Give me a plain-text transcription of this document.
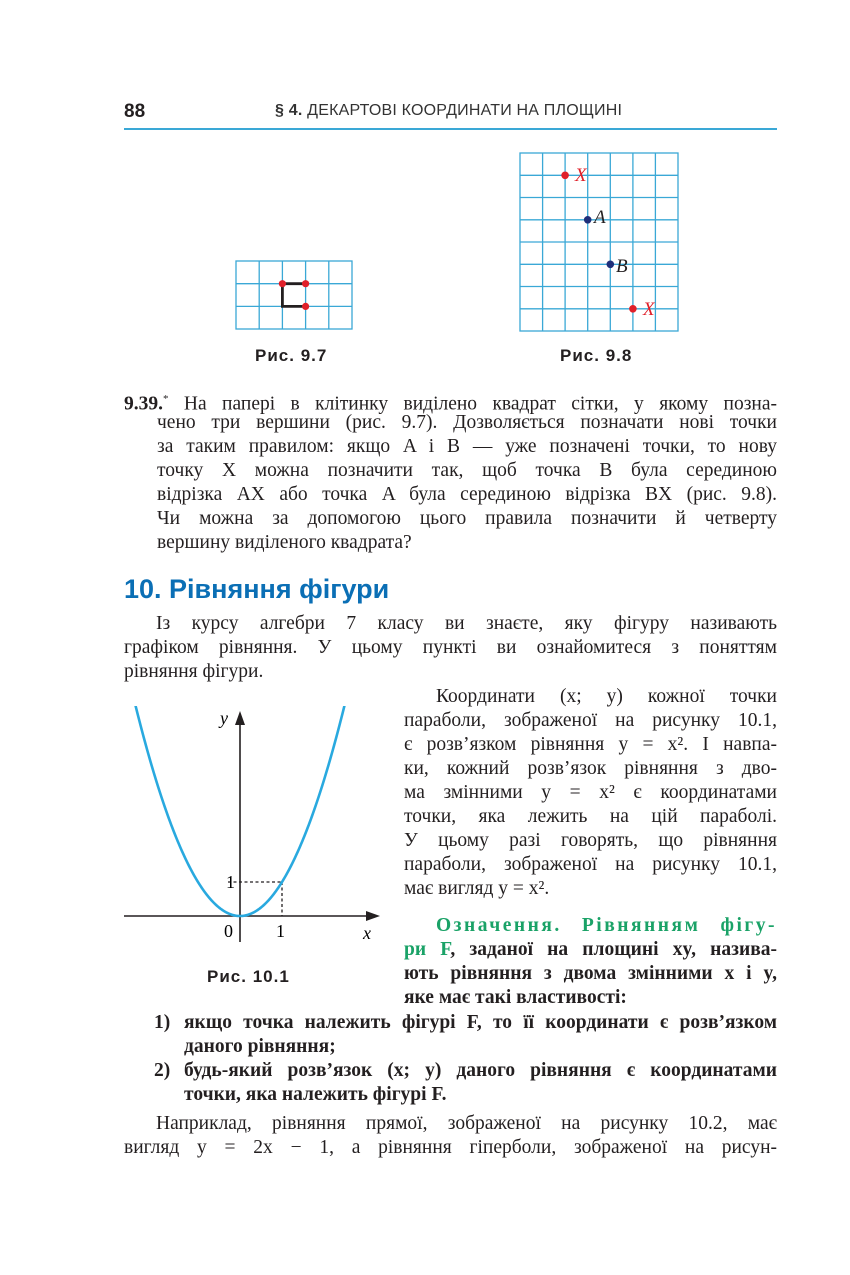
88	§ 4. ДЕКАРТОВІ КООРДИНАТИ НА ПЛОЩИНІ
Рис. 9.7
X
A
B
X
Рис. 9.8
9.39.* На папері в клітинку виділено квадрат сітки, у якому позна-
чено три вершини (рис. 9.7). Дозволяється позначати нові точки
за таким правилом: якщо A і B — уже позначені точки, то нову
точку X можна позначити так, щоб точка B була серединою
відрізка AX або точка A була серединою відрізка BX (рис. 9.8).
Чи можна за допомогою цього правила позначити й четверту
вершину виділеного квадрата?
10. Рівняння фігури
Із курсу алгебри 7 класу ви знаєте, яку фігуру називають
графіком рівняння. У цьому пункті ви ознайомитеся з поняттям
рівняння фігури.
y
x
0 1
1
Рис. 10.1
Координати (x; y) кожної точки
параболи, зображеної на рисунку 10.1,
є розв’язком рівняння y = x². І навпа-
ки, кожний розв’язок рівняння з дво-
ма змінними y = x² є координатами
точки, яка лежить на цій параболі.
У цьому разі говорять, що рівняння
параболи, зображеної на рисунку 10.1,
має вигляд y = x².
Означення. Рівнянням фігу-
ри F, заданої на площині xy, назива-
ють рівняння з двома змінними x і y,
яке має такі властивості:
1) якщо точка належить фігурі F, то її координати є розв’язком
даного рівняння;
2) будь-який розв’язок (x; y) даного рівняння є координатами
точки, яка належить фігурі F.
Наприклад, рівняння прямої, зображеної на рисунку 10.2, має
вигляд y = 2x − 1, а рівняння гіперболи, зображеної на рисун-
